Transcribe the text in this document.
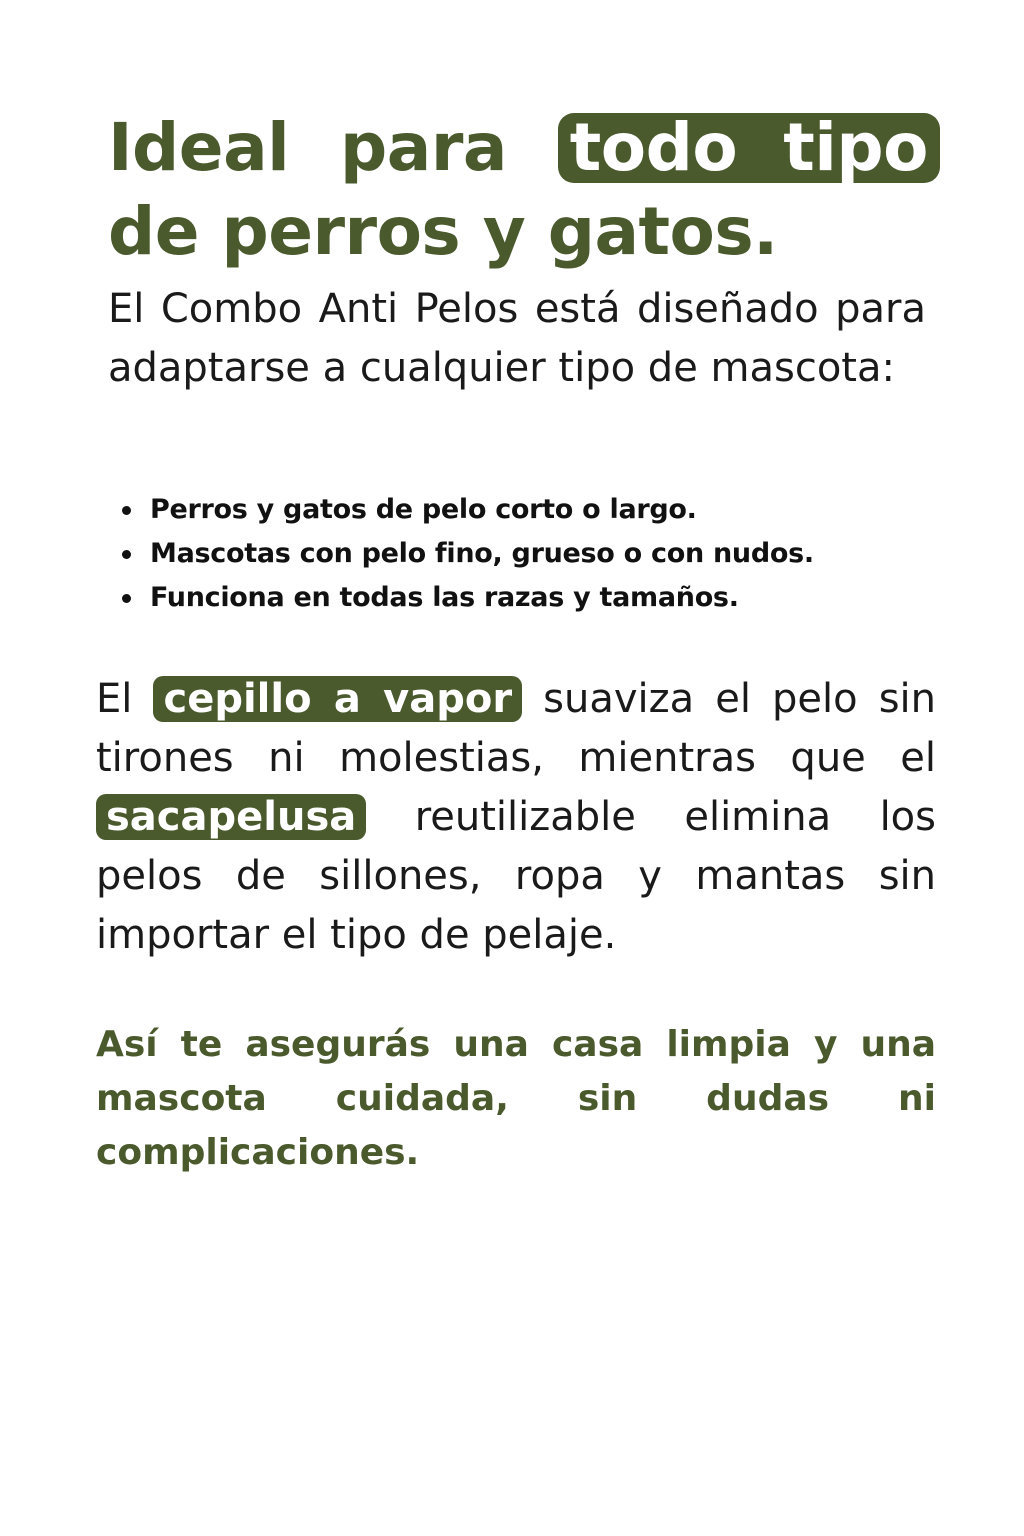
Ideal para todo tipo
de perros y gatos.

El Combo Anti Pelos está diseñado para adaptarse a cualquier tipo de mascota:

Perros y gatos de pelo corto o largo.
Mascotas con pelo fino, grueso o con nudos.
Funciona en todas las razas y tamaños.

El cepillo a vapor suaviza el pelo sin tirones ni molestias, mientras que el sacapelusa reutilizable elimina los pelos de sillones, ropa y mantas sin importar el tipo de pelaje.

Así te asegurás una casa limpia y una mascota cuidada, sin dudas ni complicaciones.
